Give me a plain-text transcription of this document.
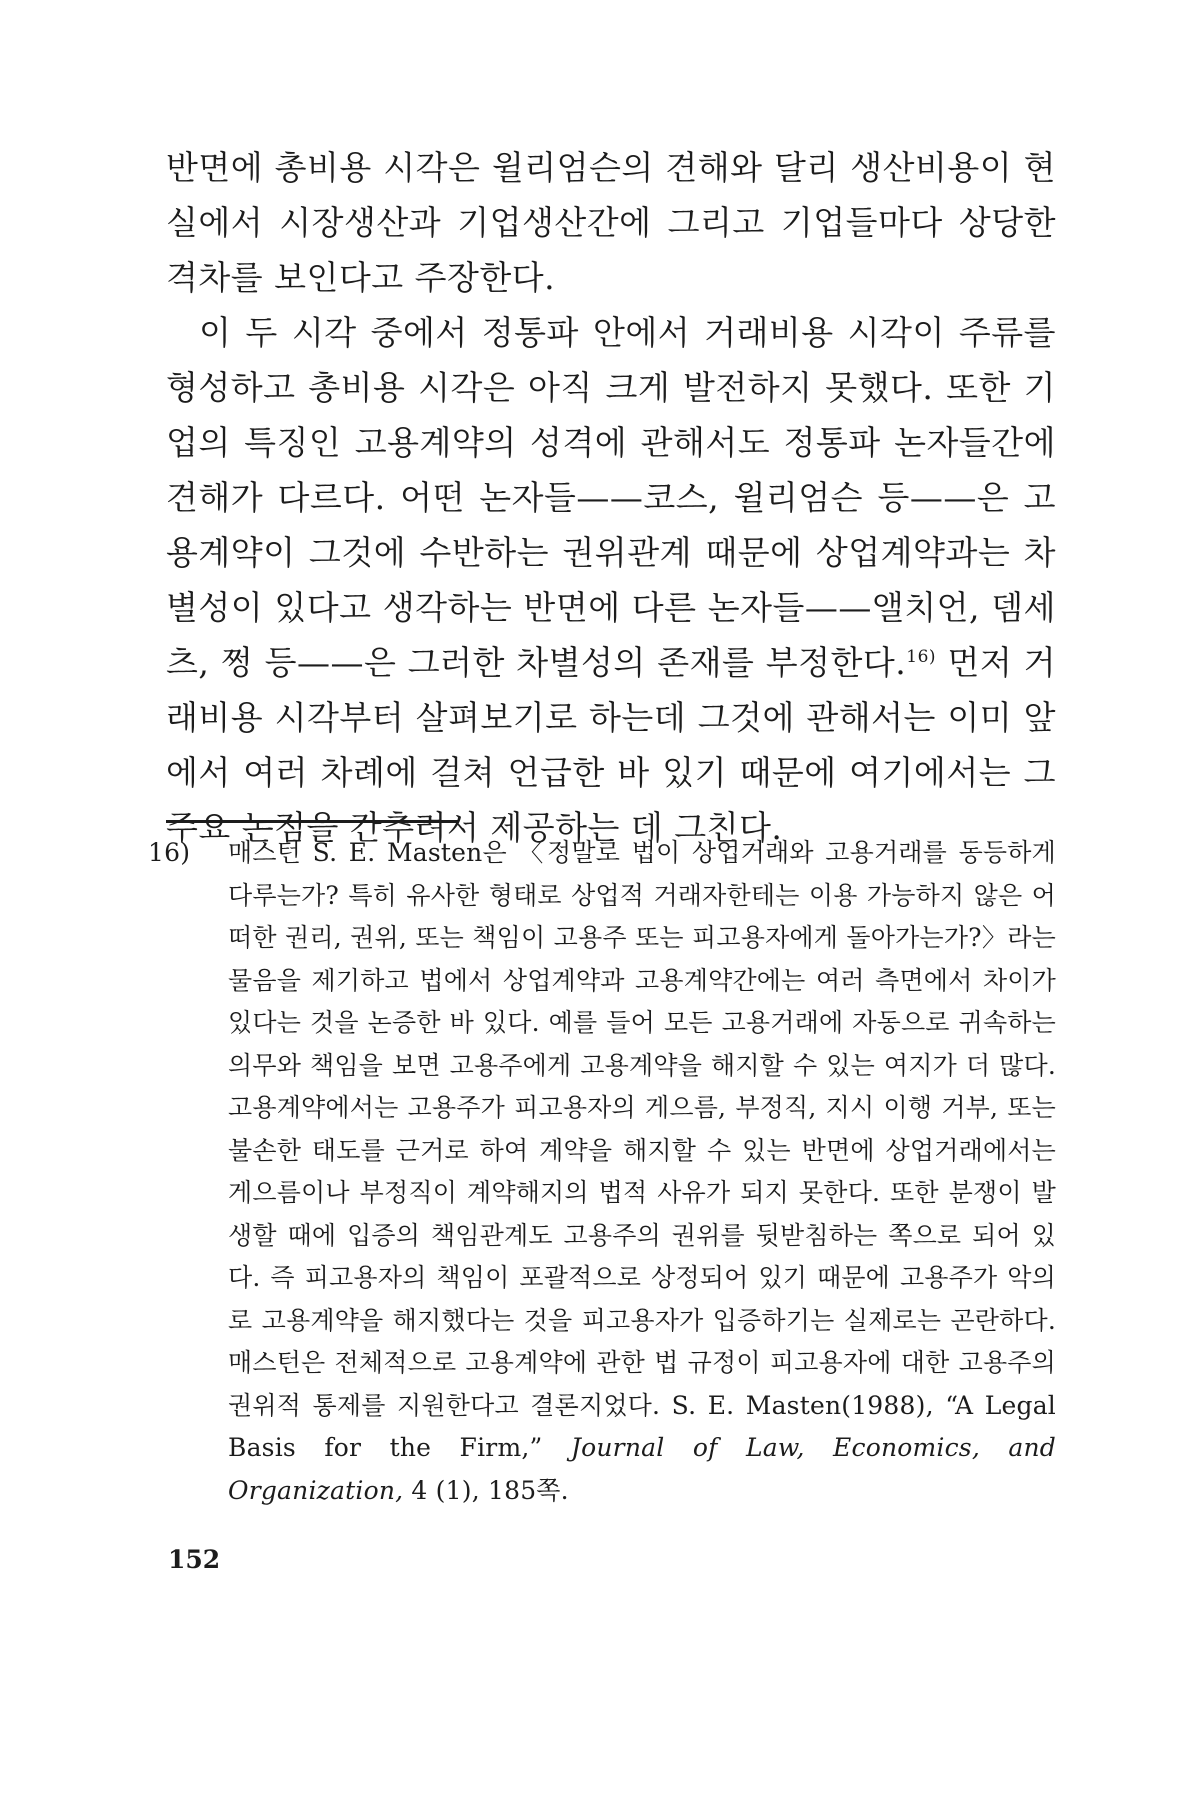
반면에 총비용 시각은 윌리엄슨의 견해와 달리 생산비용이 현실에서 시장생산과 기업생산간에 그리고 기업들마다 상당한 격차를 보인다고 주장한다.

이 두 시각 중에서 정통파 안에서 거래비용 시각이 주류를 형성하고 총비용 시각은 아직 크게 발전하지 못했다. 또한 기업의 특징인 고용계약의 성격에 관해서도 정통파 논자들간에 견해가 다르다. 어떤 논자들——코스, 윌리엄슨 등——은 고용계약이 그것에 수반하는 권위관계 때문에 상업계약과는 차별성이 있다고 생각하는 반면에 다른 논자들——앨치언, 뎀세츠, 쩡 등——은 그러한 차별성의 존재를 부정한다.$^{16)}$ 먼저 거래비용 시각부터 살펴보기로 하는데 그것에 관해서는 이미 앞에서 여러 차례에 걸쳐 언급한 바 있기 때문에 여기에서는 그 주요 논점을 간추려서 제공하는 데 그친다.

16) 매스턴 S. E. Masten은 〈정말로 법이 상업거래와 고용거래를 동등하게 다루는가? 특히 유사한 형태로 상업적 거래자한테는 이용 가능하지 않은 어떠한 권리, 권위, 또는 책임이 고용주 또는 피고용자에게 돌아가는가?〉라는 물음을 제기하고 법에서 상업계약과 고용계약간에는 여러 측면에서 차이가 있다는 것을 논증한 바 있다. 예를 들어 모든 고용거래에 자동으로 귀속하는 의무와 책임을 보면 고용주에게 고용계약을 해지할 수 있는 여지가 더 많다. 고용계약에서는 고용주가 피고용자의 게으름, 부정직, 지시 이행 거부, 또는 불손한 태도를 근거로 하여 계약을 해지할 수 있는 반면에 상업거래에서는 게으름이나 부정직이 계약해지의 법적 사유가 되지 못한다. 또한 분쟁이 발생할 때에 입증의 책임관계도 고용주의 권위를 뒷받침하는 쪽으로 되어 있다. 즉 피고용자의 책임이 포괄적으로 상정되어 있기 때문에 고용주가 악의로 고용계약을 해지했다는 것을 피고용자가 입증하기는 실제로는 곤란하다. 매스턴은 전체적으로 고용계약에 관한 법 규정이 피고용자에 대한 고용주의 권위적 통제를 지원한다고 결론지었다. S. E. Masten(1988), “A Legal Basis for the Firm,” Journal of Law, Economics, and Organization, 4 (1), 185쪽.

152
